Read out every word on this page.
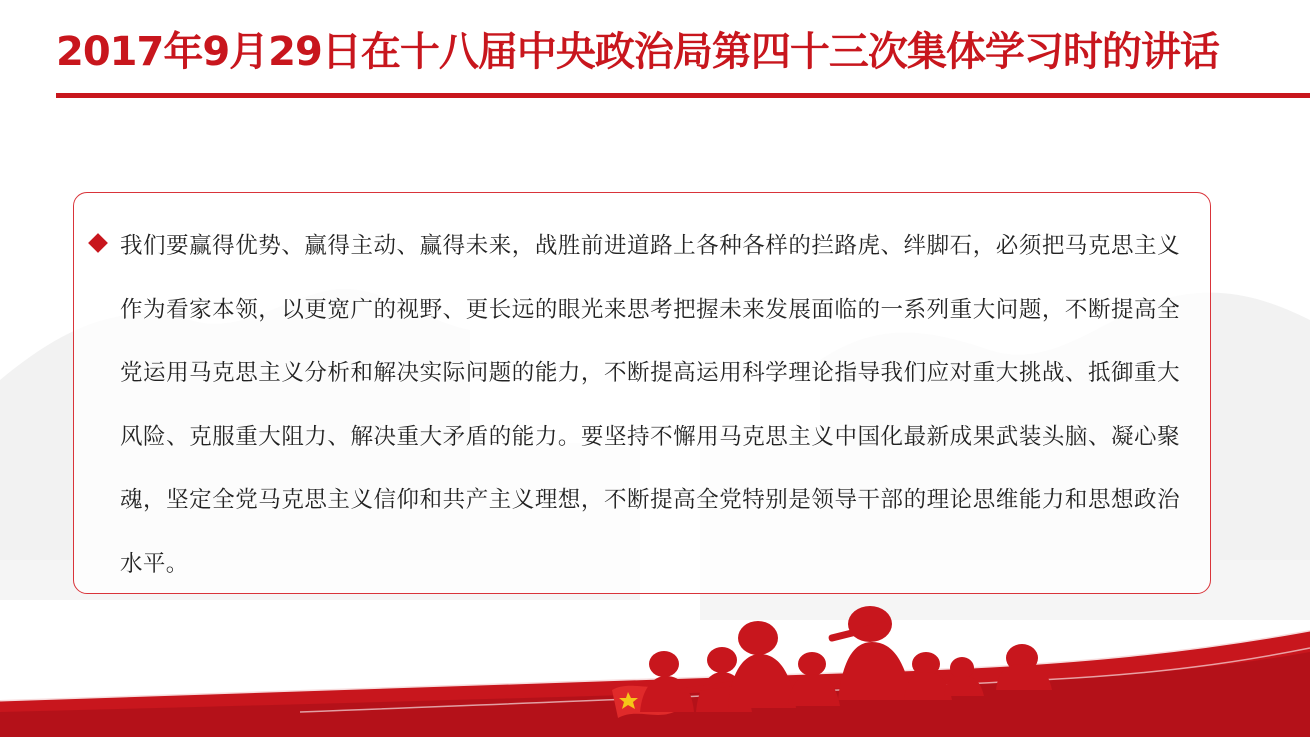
2017年9月29日在十八届中央政治局第四十三次集体学习时的讲话
我们要赢得优势、赢得主动、赢得未来，战胜前进道路上各种各样的拦路虎、绊脚石，必须把马克思主义作为看家本领，以更宽广的视野、更长远的眼光来思考把握未来发展面临的一系列重大问题，不断提高全党运用马克思主义分析和解决实际问题的能力，不断提高运用科学理论指导我们应对重大挑战、抵御重大风险、克服重大阻力、解决重大矛盾的能力。要坚持不懈用马克思主义中国化最新成果武装头脑、凝心聚魂，坚定全党马克思主义信仰和共产主义理想，不断提高全党特别是领导干部的理论思维能力和思想政治水平。
